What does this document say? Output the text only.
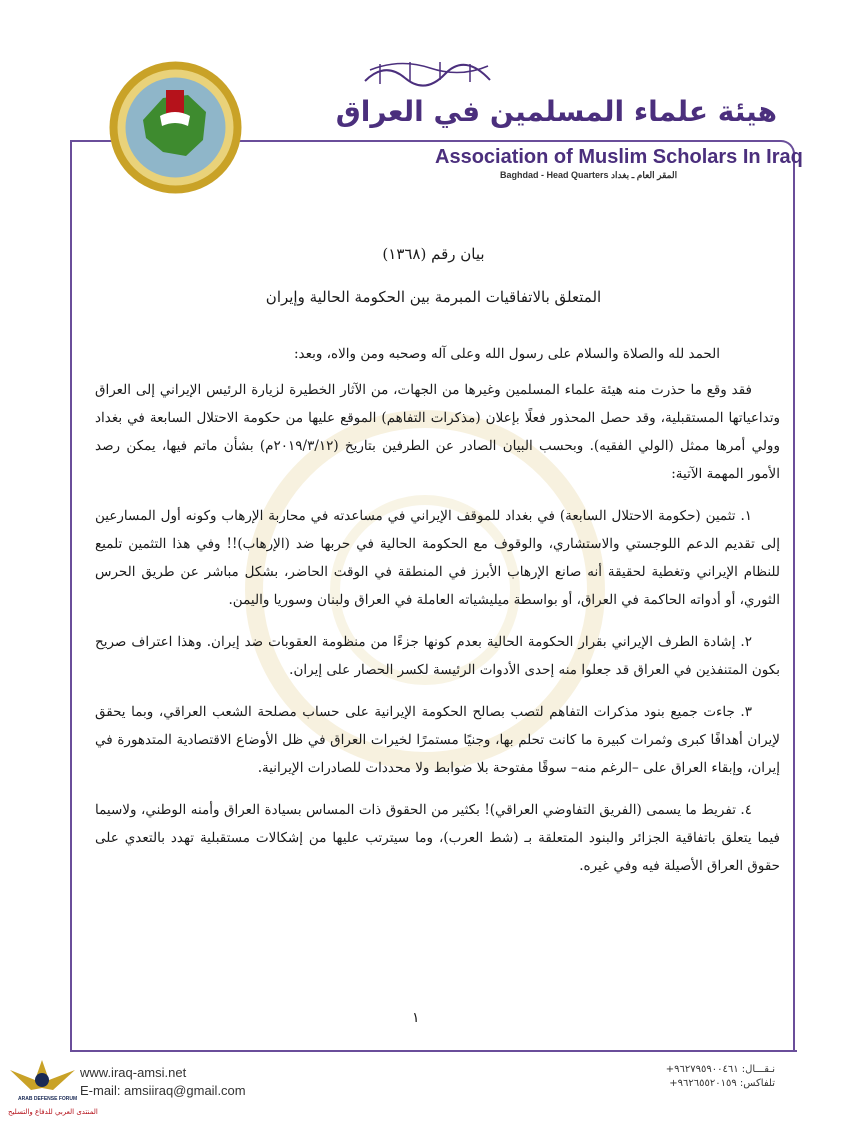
هيئة علماء المسلمين في العراق
Association of Muslim Scholars In Iraq
Baghdad - Head Quarters المقر العام ـ بغداد
بيان رقم (١٣٦٨)
المتعلق بالاتفاقيات المبرمة بين الحكومة الحالية وإيران

الحمد لله والصلاة والسلام على رسول الله وعلى آله وصحبه ومن والاه، وبعد:

فقد وقع ما حذرت منه هيئة علماء المسلمين وغيرها من الجهات، من الآثار الخطيرة لزيارة الرئيس الإيراني إلى العراق وتداعياتها المستقبلية، وقد حصل المحذور فعلًا بإعلان (مذكرات التفاهم) الموقع عليها من حكومة الاحتلال السابعة في بغداد وولي أمرها ممثل (الولي الفقيه). وبحسب البيان الصادر عن الطرفين بتاريخ (٢٠١٩/٣/١٢م) بشأن ماتم فيها، يمكن رصد الأمور المهمة الآتية:

١. تثمين (حكومة الاحتلال السابعة) في بغداد للموقف الإيراني في مساعدته في محاربة الإرهاب وكونه أول المسارعين إلى تقديم الدعم اللوجستي والاستشاري، والوقوف مع الحكومة الحالية في حربها ضد (الإرهاب)!! وفي هذا التثمين تلميع للنظام الإيراني وتغطية لحقيقة أنه صانع الإرهاب الأبرز في المنطقة في الوقت الحاضر، بشكل مباشر عن طريق الحرس الثوري، أو أدواته الحاكمة في العراق، أو بواسطة ميليشياته العاملة في العراق ولبنان وسوريا واليمن.

٢. إشادة الطرف الإيراني بقرار الحكومة الحالية بعدم كونها جزءًا من منظومة العقوبات ضد إيران. وهذا اعتراف صريح بكون المتنفذين في العراق قد جعلوا منه إحدى الأدوات الرئيسة لكسر الحصار على إيران.

٣. جاءت جميع بنود مذكرات التفاهم لتصب بصالح الحكومة الإيرانية على حساب مصلحة الشعب العراقي، وبما يحقق لإيران أهدافًا كبرى وثمرات كبيرة ما كانت تحلم بها، وجنيًا مستمرًا لخيرات العراق في ظل الأوضاع الاقتصادية المتدهورة في إيران، وإبقاء العراق على –الرغم منه– سوقًا مفتوحة بلا ضوابط ولا محددات للصادرات الإيرانية.

٤. تفريط ما يسمى (الفريق التفاوضي العراقي)! بكثير من الحقوق ذات المساس بسيادة العراق وأمنه الوطني، ولاسيما فيما يتعلق باتفاقية الجزائر والبنود المتعلقة بـ (شط العرب)، وما سيترتب عليها من إشكالات مستقبلية تهدد بالتعدي على حقوق العراق الأصيلة فيه وفي غيره.

١
www.iraq-amsi.net
E-mail: amsiiraq@gmail.com
نـقـــال: ٩٦٢٧٩٥٩٠٠٤٦١+
تلفاكس: ٩٦٢٦٥٥٢٠١٥٩+
ARAB DEFENSE FORUM
المنتدى العربي للدفاع والتسليح
